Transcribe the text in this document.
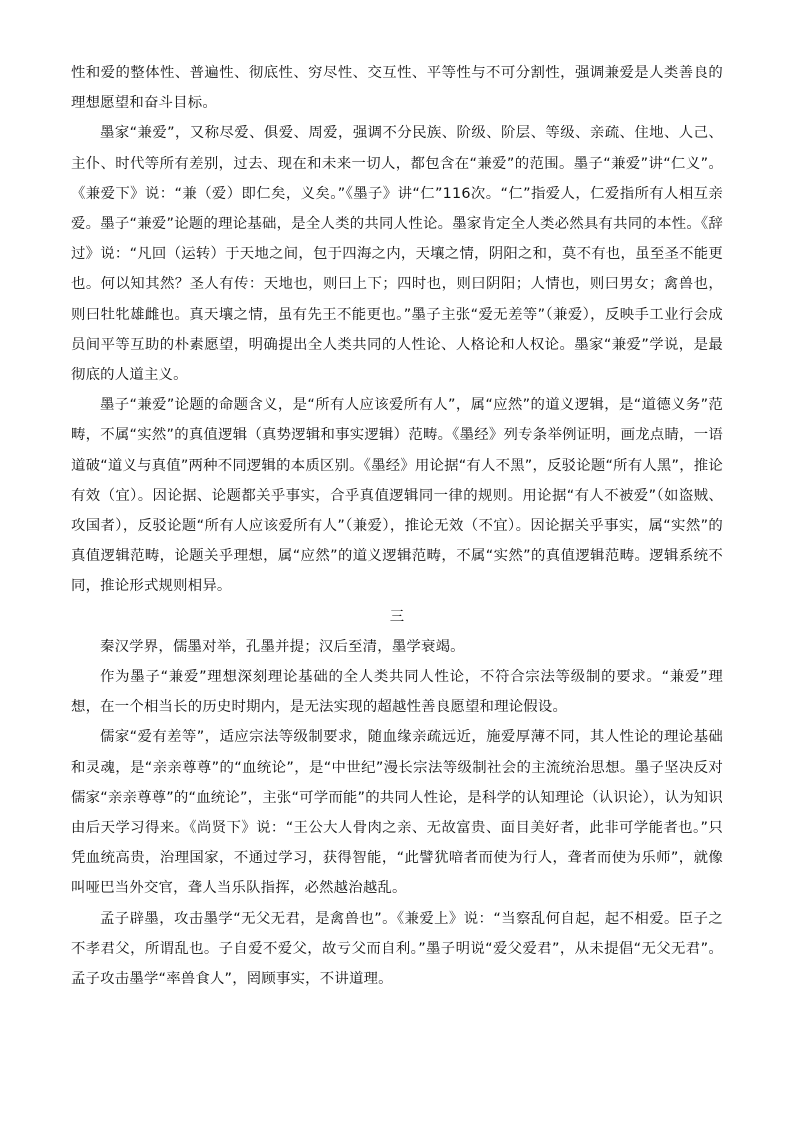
性和爱的整体性、普遍性、彻底性、穷尽性、交互性、平等性与不可分割性，强调兼爱是人类善良的理想愿望和奋斗目标。

墨家“兼爱”，又称尽爱、俱爱、周爱，强调不分民族、阶级、阶层、等级、亲疏、住地、人己、主仆、时代等所有差别，过去、现在和未来一切人，都包含在“兼爱”的范围。墨子“兼爱”讲“仁义”。《兼爱下》说：“兼（爱）即仁矣，义矣。”《墨子》讲“仁”116次。“仁”指爱人，仁爱指所有人相互亲爱。墨子“兼爱”论题的理论基础，是全人类的共同人性论。墨家肯定全人类必然具有共同的本性。《辞过》说：“凡回（运转）于天地之间，包于四海之内，天壤之情，阴阳之和，莫不有也，虽至圣不能更也。何以知其然？圣人有传：天地也，则曰上下；四时也，则曰阴阳；人情也，则曰男女；禽兽也，则曰牡牝雄雌也。真天壤之情，虽有先王不能更也。”墨子主张“爱无差等”（兼爱），反映手工业行会成员间平等互助的朴素愿望，明确提出全人类共同的人性论、人格论和人权论。墨家“兼爱”学说，是最彻底的人道主义。

墨子“兼爱”论题的命题含义，是“所有人应该爱所有人”，属“应然”的道义逻辑，是“道德义务”范畴，不属“实然”的真值逻辑（真势逻辑和事实逻辑）范畴。《墨经》列专条举例证明，画龙点睛，一语道破“道义与真值”两种不同逻辑的本质区别。《墨经》用论据“有人不黑”，反驳论题“所有人黑”，推论有效（宜）。因论据、论题都关乎事实，合乎真值逻辑同一律的规则。用论据“有人不被爱”（如盗贼、攻国者），反驳论题“所有人应该爱所有人”（兼爱），推论无效（不宜）。因论据关乎事实，属“实然”的真值逻辑范畴，论题关乎理想，属“应然”的道义逻辑范畴，不属“实然”的真值逻辑范畴。逻辑系统不同，推论形式规则相异。

三

秦汉学界，儒墨对举，孔墨并提；汉后至清，墨学衰竭。

作为墨子“兼爱”理想深刻理论基础的全人类共同人性论，不符合宗法等级制的要求。“兼爱”理想，在一个相当长的历史时期内，是无法实现的超越性善良愿望和理论假设。

儒家“爱有差等”，适应宗法等级制要求，随血缘亲疏远近，施爱厚薄不同，其人性论的理论基础和灵魂，是“亲亲尊尊”的“血统论”，是“中世纪”漫长宗法等级制社会的主流统治思想。墨子坚决反对儒家“亲亲尊尊”的“血统论”，主张“可学而能”的共同人性论，是科学的认知理论（认识论），认为知识由后天学习得来。《尚贤下》说：“王公大人骨肉之亲、无故富贵、面目美好者，此非可学能者也。”只凭血统高贵，治理国家，不通过学习，获得智能，“此譬犹喑者而使为行人，聋者而使为乐师”，就像叫哑巴当外交官，聋人当乐队指挥，必然越治越乱。

孟子辟墨，攻击墨学“无父无君，是禽兽也”。《兼爱上》说：“当察乱何自起，起不相爱。臣子之不孝君父，所谓乱也。子自爱不爱父，故亏父而自利。”墨子明说“爱父爱君”，从未提倡“无父无君”。孟子攻击墨学“率兽食人”，罔顾事实，不讲道理。
